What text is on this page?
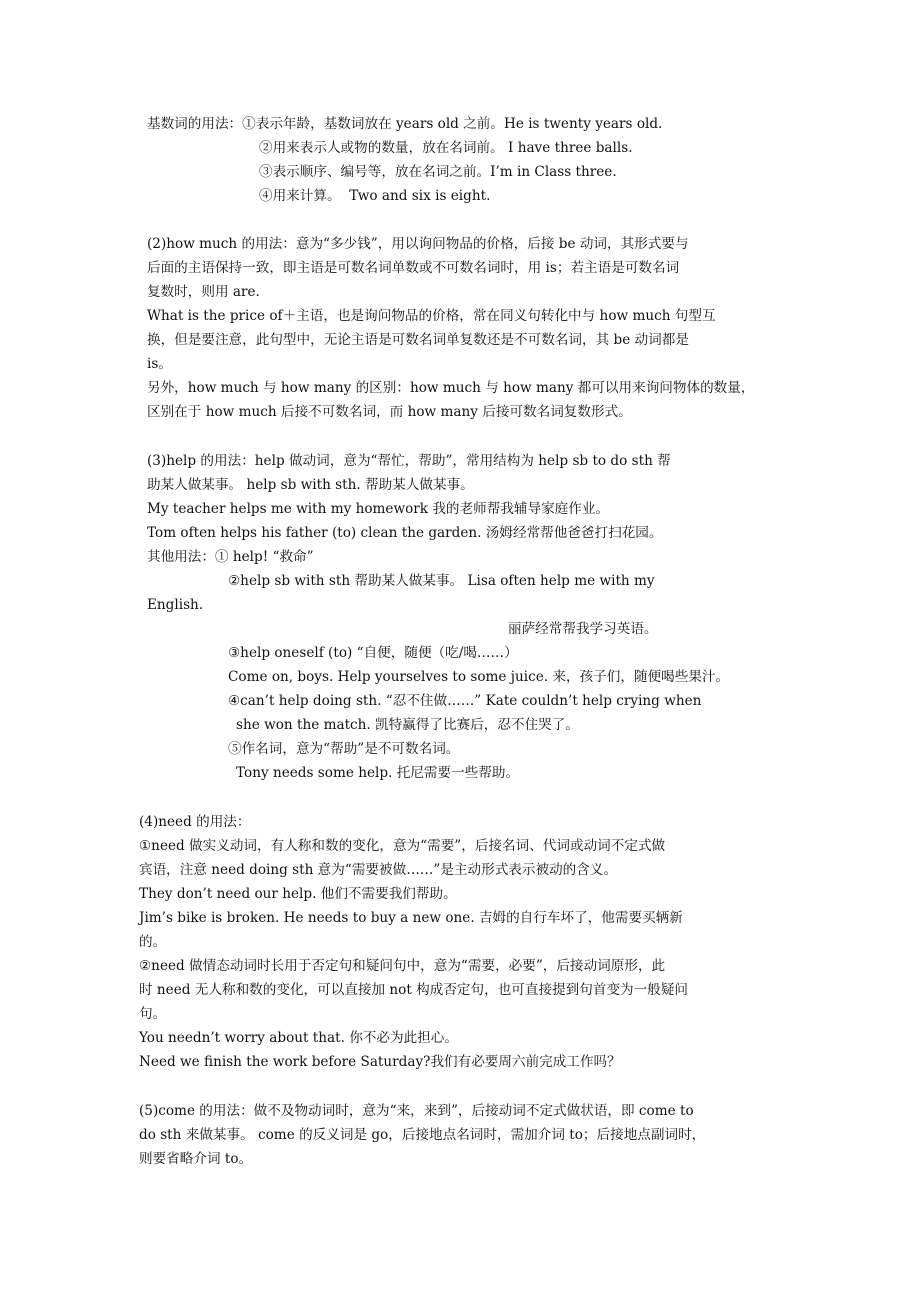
基数词的用法：①表示年龄，基数词放在 years old 之前。He is twenty years old.
②用来表示人或物的数量，放在名词前。 I have three balls.
③表示顺序、编号等，放在名词之前。I’m in Class three.
④用来计算。  Two and six is eight.
(2)how much 的用法：意为“多少钱”，用以询问物品的价格，后接 be 动词，其形式要与
后面的主语保持一致，即主语是可数名词单数或不可数名词时，用 is；若主语是可数名词
复数时，则用 are.
What is the price of＋主语，也是询问物品的价格，常在同义句转化中与 how much 句型互
换，但是要注意，此句型中，无论主语是可数名词单复数还是不可数名词，其 be 动词都是
is。
另外，how much 与 how many 的区别：how much 与 how many 都可以用来询问物体的数量，
区别在于 how much 后接不可数名词，而 how many 后接可数名词复数形式。
(3)help 的用法：help 做动词，意为“帮忙，帮助”，常用结构为 help sb to do sth 帮
助某人做某事。 help sb with sth. 帮助某人做某事。
My teacher helps me with my homework 我的老师帮我辅导家庭作业。
Tom often helps his father (to) clean the garden. 汤姆经常帮他爸爸打扫花园。
其他用法：① help! “救命”
②help sb with sth 帮助某人做某事。 Lisa often help me with my
English.
丽萨经常帮我学习英语。
③help oneself (to) “自便，随便（吃/喝……）
Come on, boys. Help yourselves to some juice. 来，孩子们，随便喝些果汁。
④can’t help doing sth. “忍不住做……” Kate couldn’t help crying when
she won the match. 凯特赢得了比赛后，忍不住哭了。
⑤作名词，意为“帮助”是不可数名词。
Tony needs some help. 托尼需要一些帮助。
(4)need 的用法：
①need 做实义动词，有人称和数的变化，意为“需要”，后接名词、代词或动词不定式做
宾语，注意 need doing sth 意为“需要被做……”是主动形式表示被动的含义。
They don’t need our help. 他们不需要我们帮助。
Jim’s bike is broken. He needs to buy a new one. 吉姆的自行车坏了，他需要买辆新
的。
②need 做情态动词时长用于否定句和疑问句中，意为“需要，必要”，后接动词原形，此
时 need 无人称和数的变化，可以直接加 not 构成否定句，也可直接提到句首变为一般疑问
句。
You needn’t worry about that. 你不必为此担心。
Need we finish the work before Saturday?我们有必要周六前完成工作吗？
(5)come 的用法：做不及物动词时，意为“来，来到”，后接动词不定式做状语，即 come to
do sth 来做某事。 come 的反义词是 go，后接地点名词时，需加介词 to；后接地点副词时，
则要省略介词 to。
